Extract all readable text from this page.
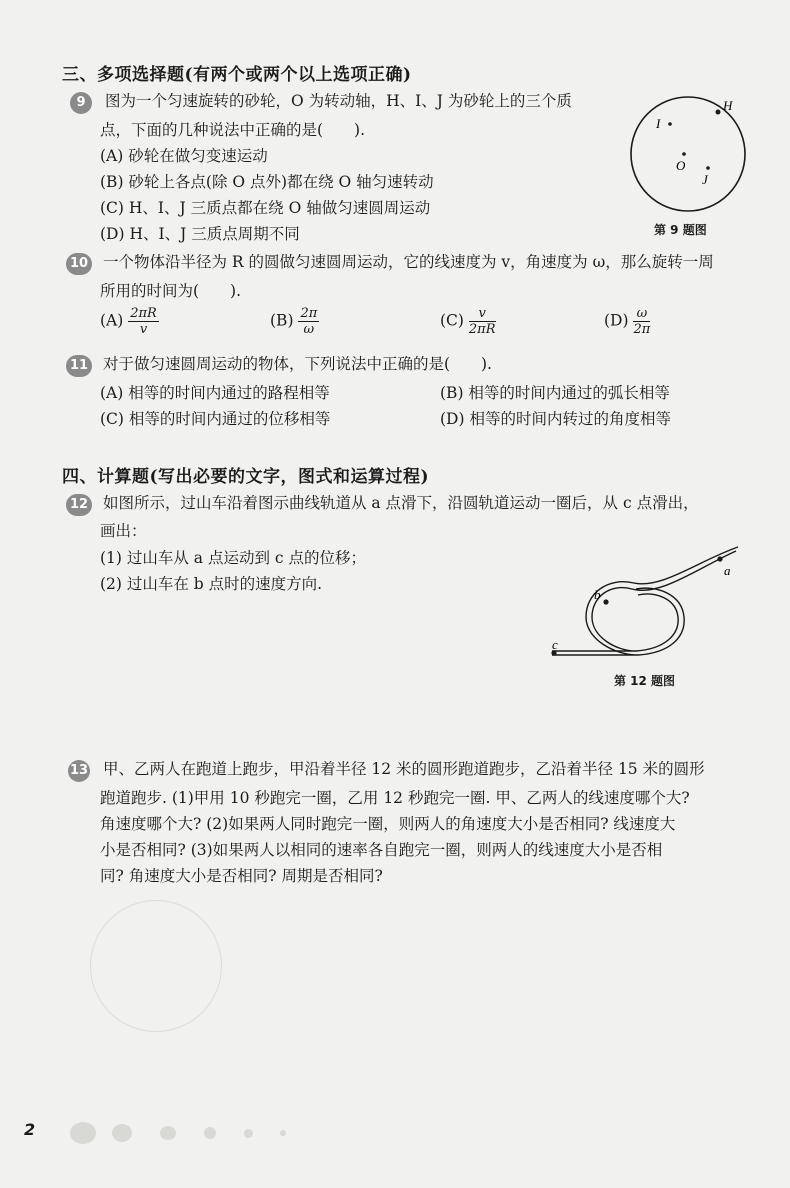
三、多项选择题(有两个或两个以上选项正确)
9 图为一个匀速旋转的砂轮，O 为转动轴，H、I、J 为砂轮上的三个质
点，下面的几种说法中正确的是(　　).
(A) 砂轮在做匀变速运动
(B) 砂轮上各点(除 O 点外)都在绕 O 轴匀速转动
(C) H、I、J 三质点都在绕 O 轴做匀速圆周运动
(D) H、I、J 三质点周期不同
H
I
O
J
第 9 题图
10 一个物体沿半径为 R 的圆做匀速圆周运动，它的线速度为 v，角速度为 ω，那么旋转一周
所用的时间为(　　).
$(A) \frac{2\pi R}{v}$	$(B) \frac{2\pi}{\omega}$	$(C) \frac{v}{2\pi R}$	$(D) \frac{\omega}{2\pi}$
11 对于做匀速圆周运动的物体，下列说法中正确的是(　　).
(A) 相等的时间内通过的路程相等	(B) 相等的时间内通过的弧长相等
(C) 相等的时间内通过的位移相等	(D) 相等的时间内转过的角度相等
四、计算题(写出必要的文字，图式和运算过程)
12 如图所示，过山车沿着图示曲线轨道从 a 点滑下，沿圆轨道运动一圈后，从 c 点滑出，
画出：
(1) 过山车从 a 点运动到 c 点的位移；
(2) 过山车在 b 点时的速度方向.
a
b
c
第 12 题图
13 甲、乙两人在跑道上跑步，甲沿着半径 12 米的圆形跑道跑步，乙沿着半径 15 米的圆形
跑道跑步. (1)甲用 10 秒跑完一圈，乙用 12 秒跑完一圈. 甲、乙两人的线速度哪个大?
角速度哪个大? (2)如果两人同时跑完一圈，则两人的角速度大小是否相同? 线速度大
小是否相同? (3)如果两人以相同的速率各自跑完一圈，则两人的线速度大小是否相
同? 角速度大小是否相同? 周期是否相同?
2
